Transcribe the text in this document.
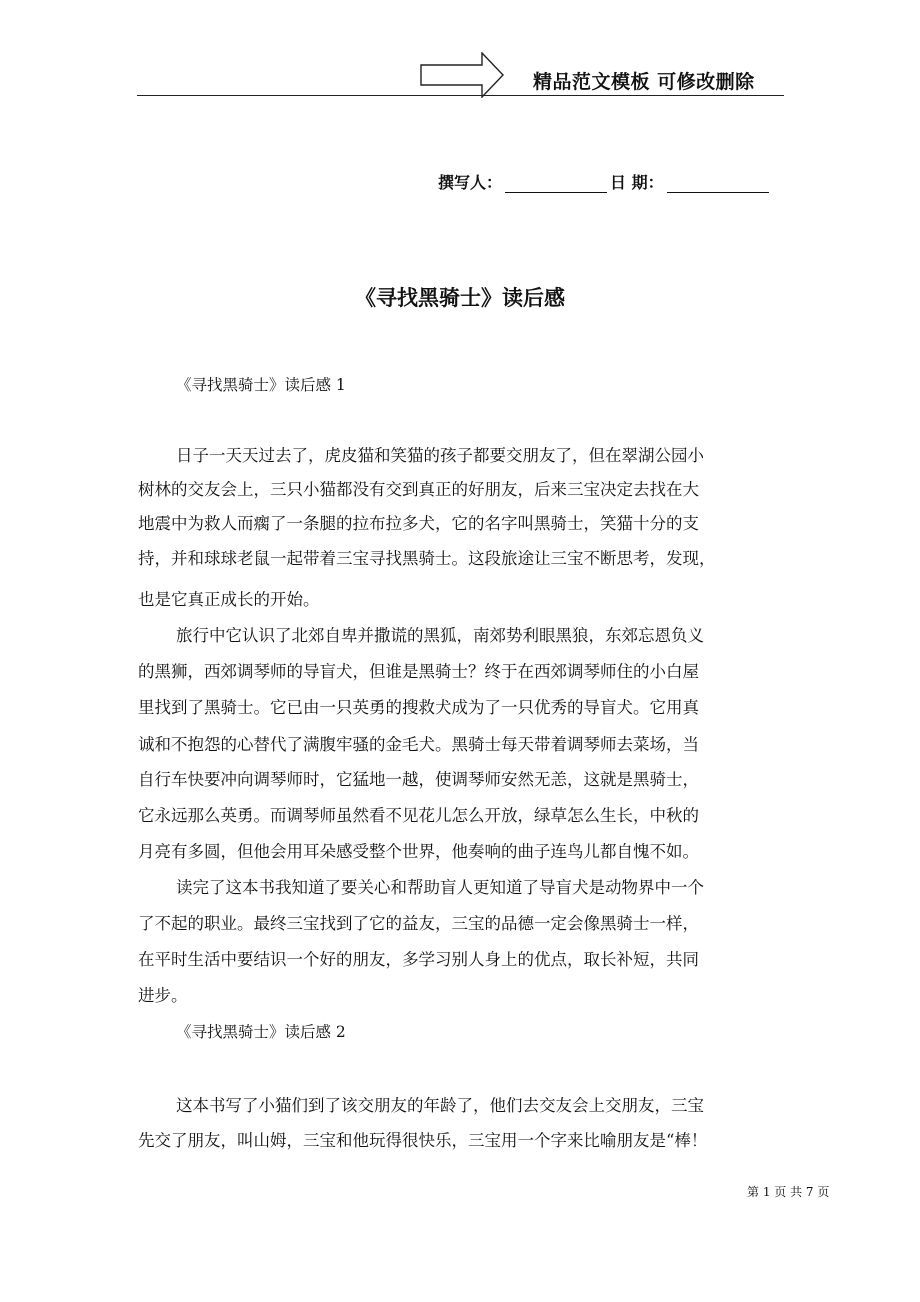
精品范文模板 可修改删除
撰写人：	日 期：
《寻找黑骑士》读后感
《寻找黑骑士》读后感 1
日子一天天过去了，虎皮猫和笑猫的孩子都要交朋友了，但在翠湖公园小
树林的交友会上，三只小猫都没有交到真正的好朋友，后来三宝决定去找在大
地震中为救人而瘸了一条腿的拉布拉多犬，它的名字叫黑骑士，笑猫十分的支
持，并和球球老鼠一起带着三宝寻找黑骑士。这段旅途让三宝不断思考，发现，
也是它真正成长的开始。
旅行中它认识了北郊自卑并撒谎的黑狐，南郊势利眼黑狼，东郊忘恩负义
的黑狮，西郊调琴师的导盲犬，但谁是黑骑士？终于在西郊调琴师住的小白屋
里找到了黑骑士。它已由一只英勇的搜救犬成为了一只优秀的导盲犬。它用真
诚和不抱怨的心替代了满腹牢骚的金毛犬。黑骑士每天带着调琴师去菜场，当
自行车快要冲向调琴师时，它猛地一越，使调琴师安然无恙，这就是黑骑士，
它永远那么英勇。而调琴师虽然看不见花儿怎么开放，绿草怎么生长，中秋的
月亮有多圆，但他会用耳朵感受整个世界，他奏响的曲子连鸟儿都自愧不如。
读完了这本书我知道了要关心和帮助盲人更知道了导盲犬是动物界中一个
了不起的职业。最终三宝找到了它的益友，三宝的品德一定会像黑骑士一样，
在平时生活中要结识一个好的朋友，多学习别人身上的优点，取长补短，共同
进步。
《寻找黑骑士》读后感 2
这本书写了小猫们到了该交朋友的年龄了，他们去交友会上交朋友，三宝
先交了朋友，叫山姆，三宝和他玩得很快乐，三宝用一个字来比喻朋友是“棒！
第 1 页 共 7 页
